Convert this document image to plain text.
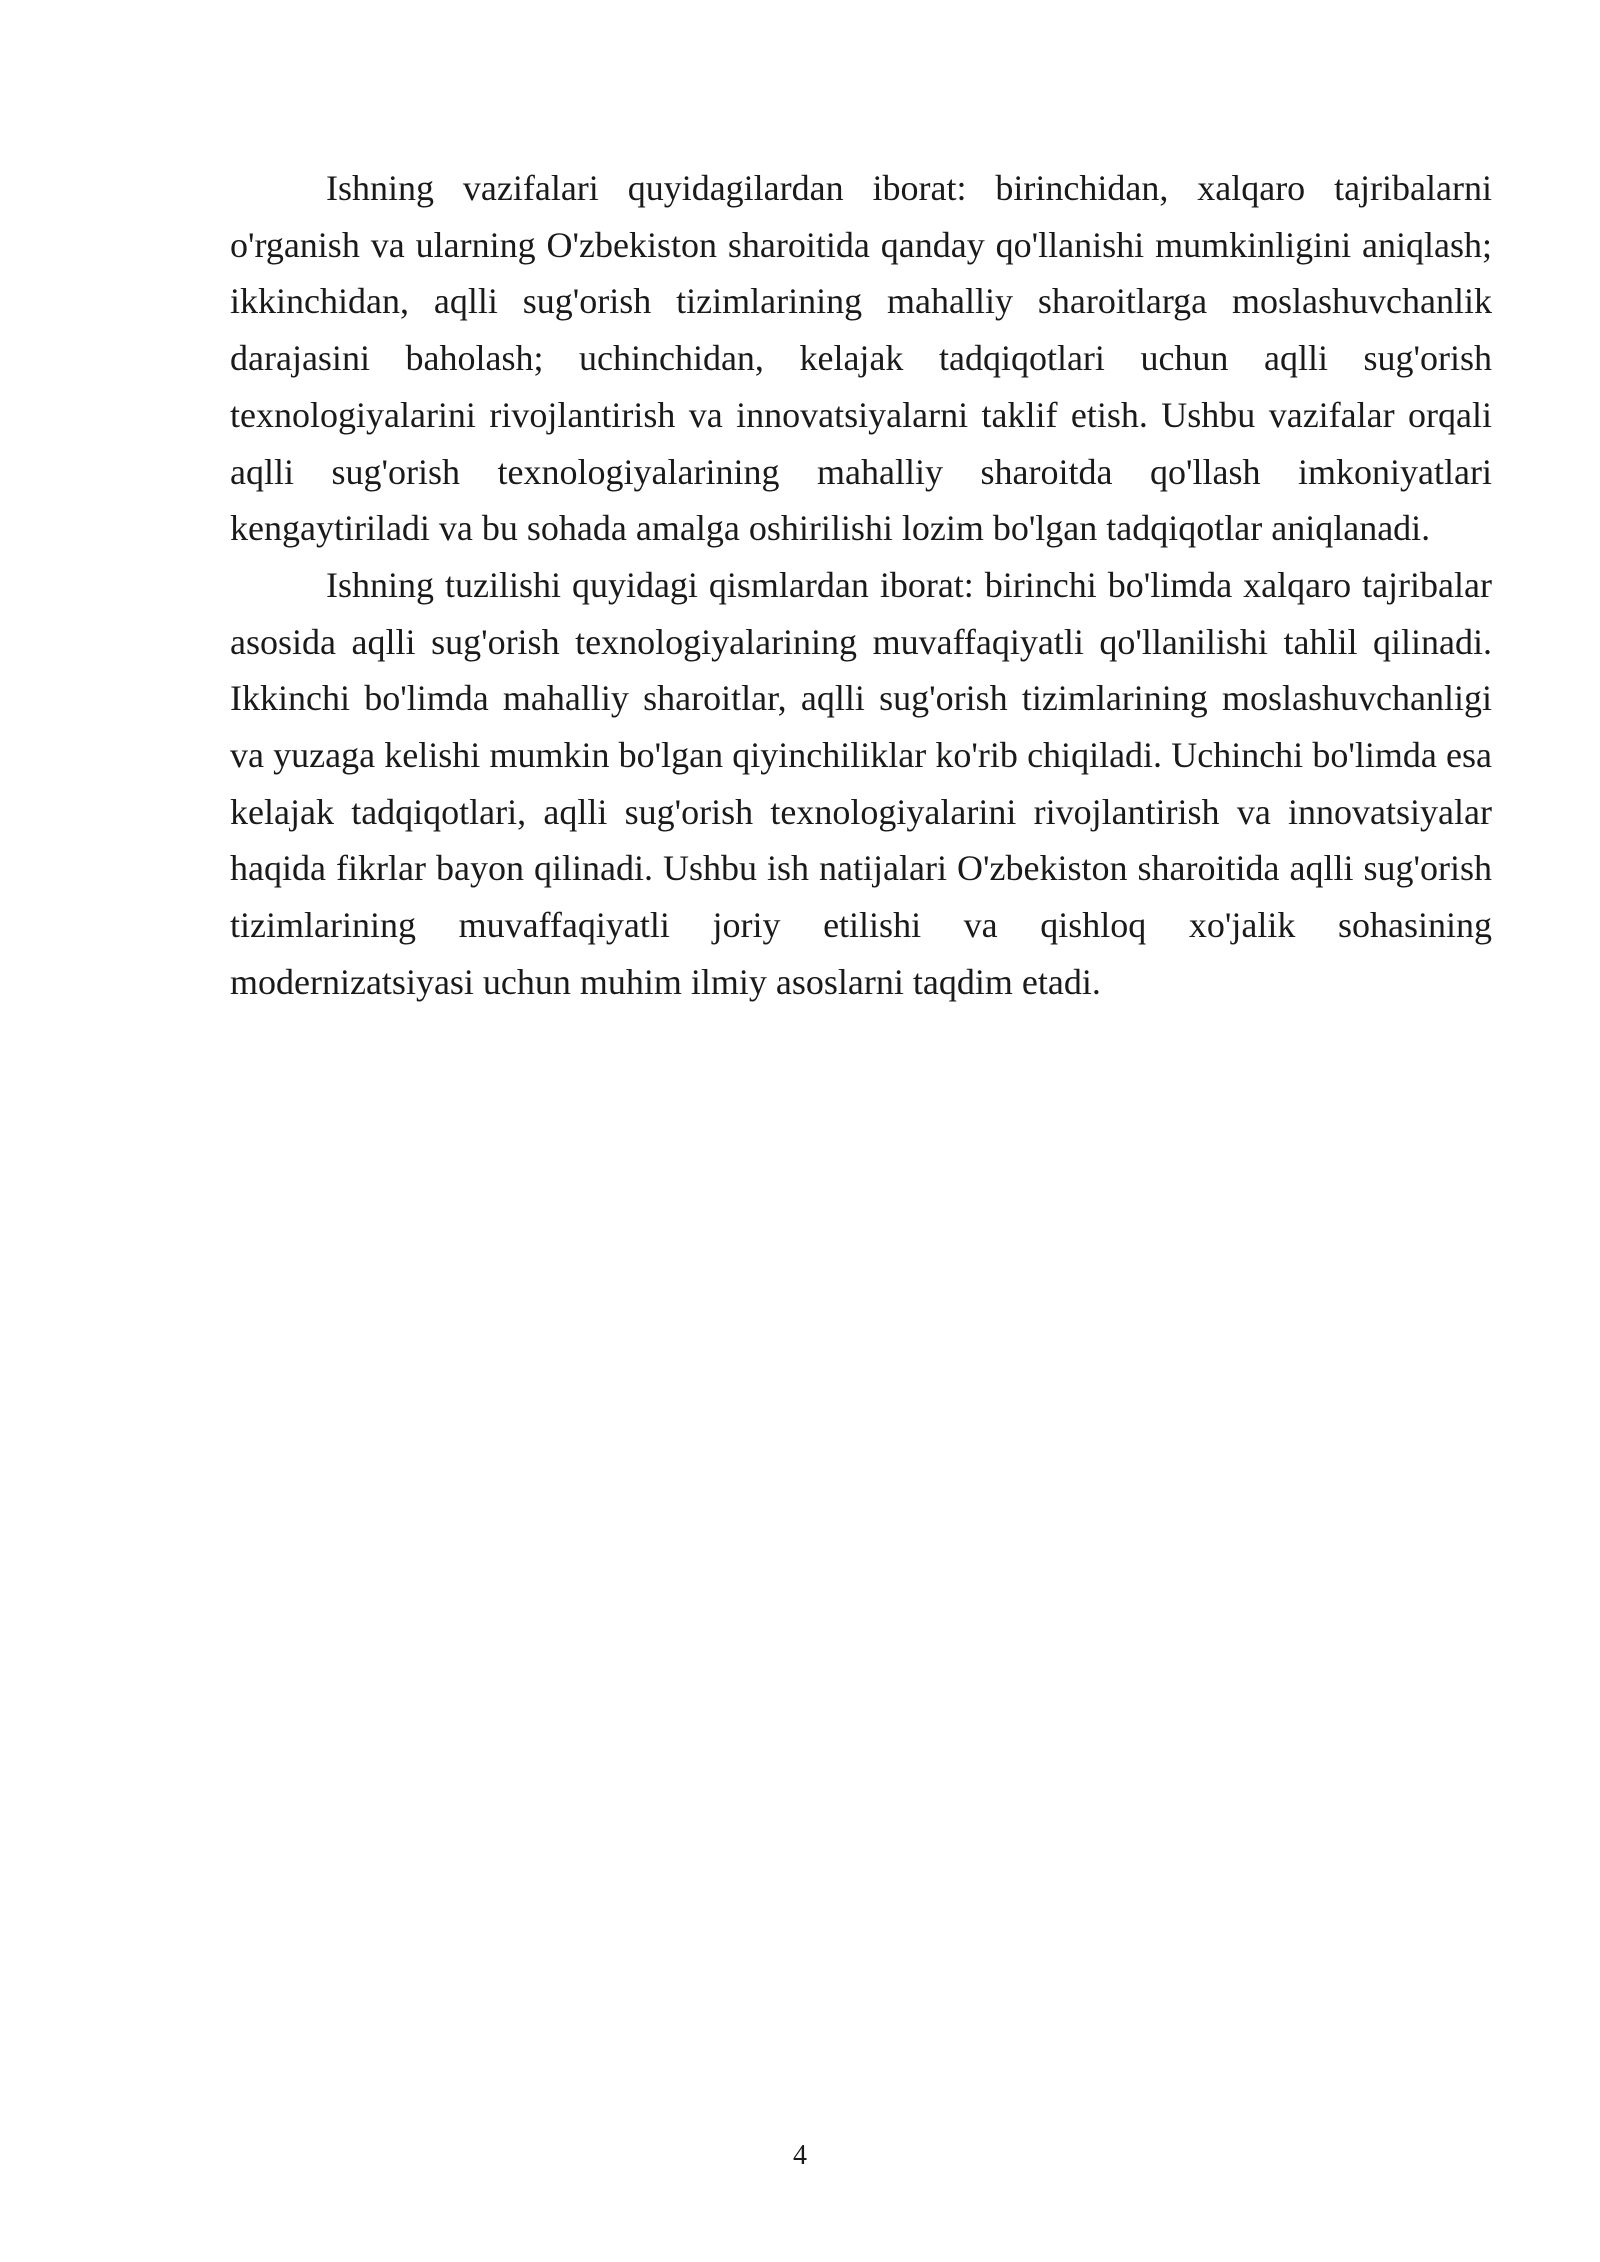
Ishning vazifalari quyidagilardan iborat: birinchidan, xalqaro tajribalarni o'rganish va ularning O'zbekiston sharoitida qanday qo'llanishi mumkinligini aniqlash; ikkinchidan, aqlli sug'orish tizimlarining mahalliy sharoitlarga moslashuvchanlik darajasini baholash; uchinchidan, kelajak tadqiqotlari uchun aqlli sug'orish texnologiyalarini rivojlantirish va innovatsiyalarni taklif etish. Ushbu vazifalar orqali aqlli sug'orish texnologiyalarining mahalliy sharoitda qo'llash imkoniyatlari kengaytiriladi va bu sohada amalga oshirilishi lozim bo'lgan tadqiqotlar aniqlanadi.

Ishning tuzilishi quyidagi qismlardan iborat: birinchi bo'limda xalqaro tajribalar asosida aqlli sug'orish texnologiyalarining muvaffaqiyatli qo'llanilishi tahlil qilinadi. Ikkinchi bo'limda mahalliy sharoitlar, aqlli sug'orish tizimlarining moslashuvchanligi va yuzaga kelishi mumkin bo'lgan qiyinchiliklar ko'rib chiqiladi. Uchinchi bo'limda esa kelajak tadqiqotlari, aqlli sug'orish texnologiyalarini rivojlantirish va innovatsiyalar haqida fikrlar bayon qilinadi. Ushbu ish natijalari O'zbekiston sharoitida aqlli sug'orish tizimlarining muvaffaqiyatli joriy etilishi va qishloq xo'jalik sohasining modernizatsiyasi uchun muhim ilmiy asoslarni taqdim etadi.

4
